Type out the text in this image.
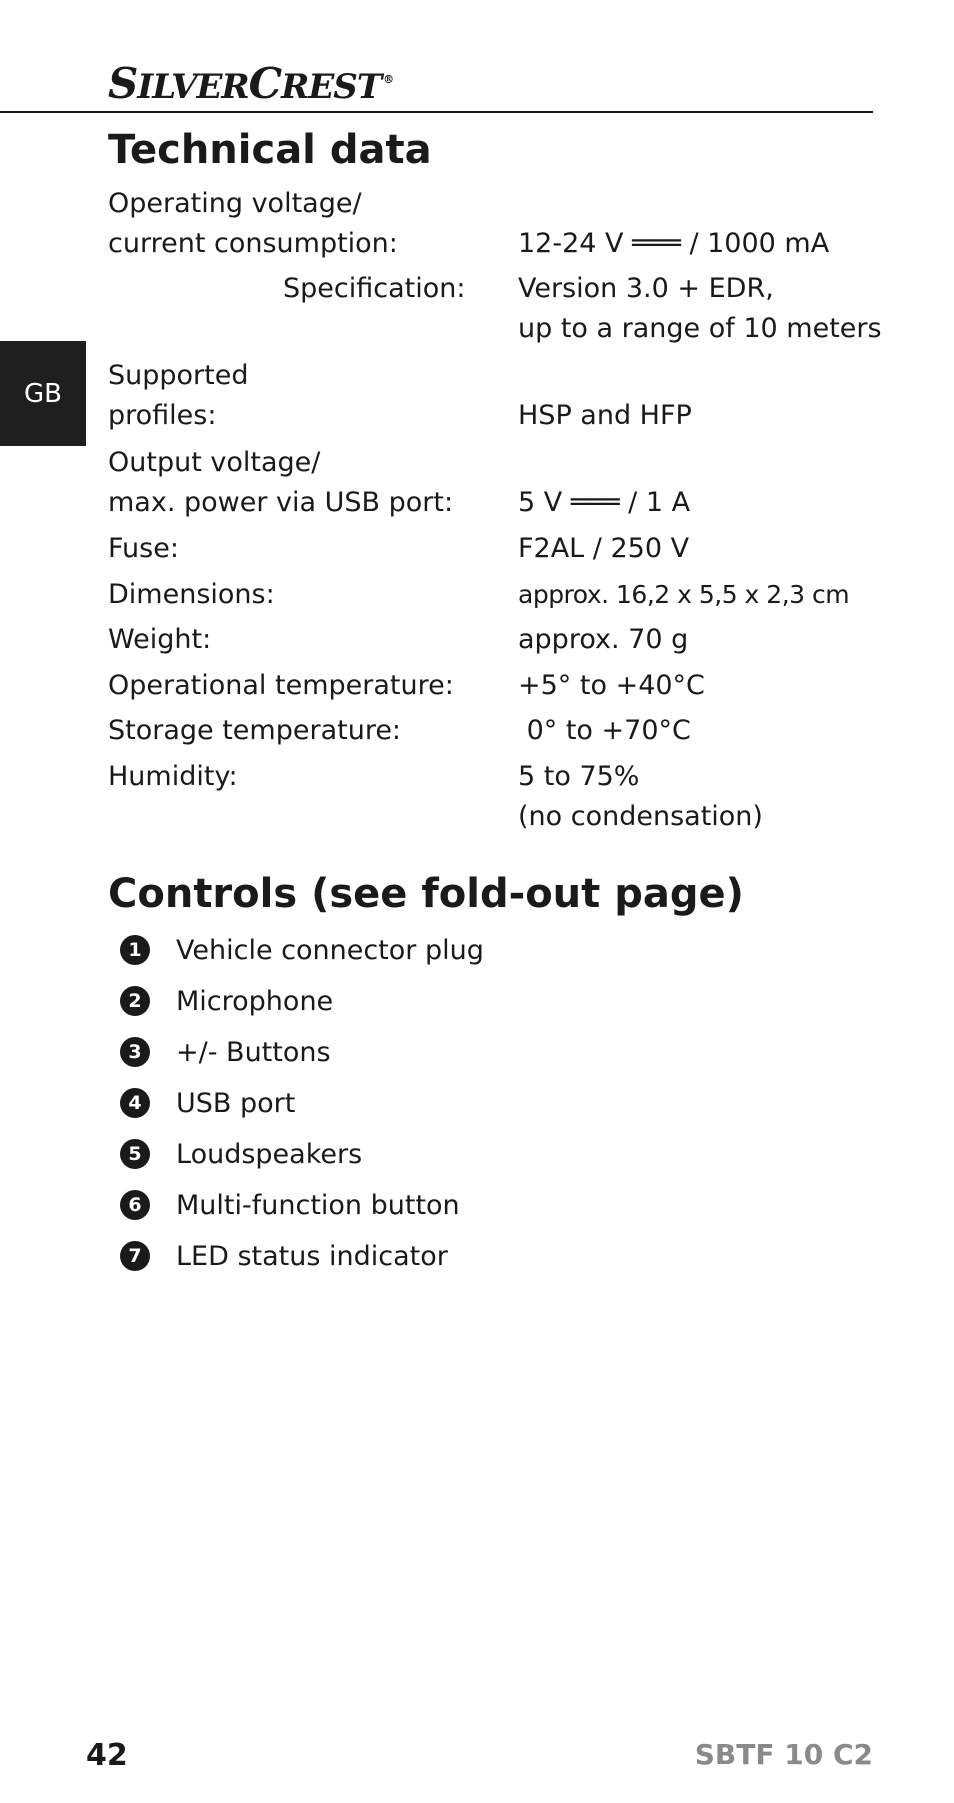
SILVERCREST ®
GB
Technical data
Operating voltage/
current consumption:	12-24 V ═══ / 1000 mA
Specification: Version 3.0 + EDR,
up to a range of 10 meters
Supported
profiles:	HSP and HFP
Output voltage/
max. power via USB port: 5 V ═══ / 1 A
Fuse:	F2AL / 250 V
Dimensions:	approx. 16,2 x 5,5 x 2,3 cm
Weight:	approx. 70 g
Operational temperature: +5° to +40°C
Storage temperature:	0° to +70°C
Humidity:	5 to 75%
(no condensation)
Controls (see fold-out page)
1	Vehicle connector plug
2	Microphone
3	+/- Buttons
4	USB port
5	Loudspeakers
6	Multi-function button
7	LED status indicator
42	SBTF 10 C2
